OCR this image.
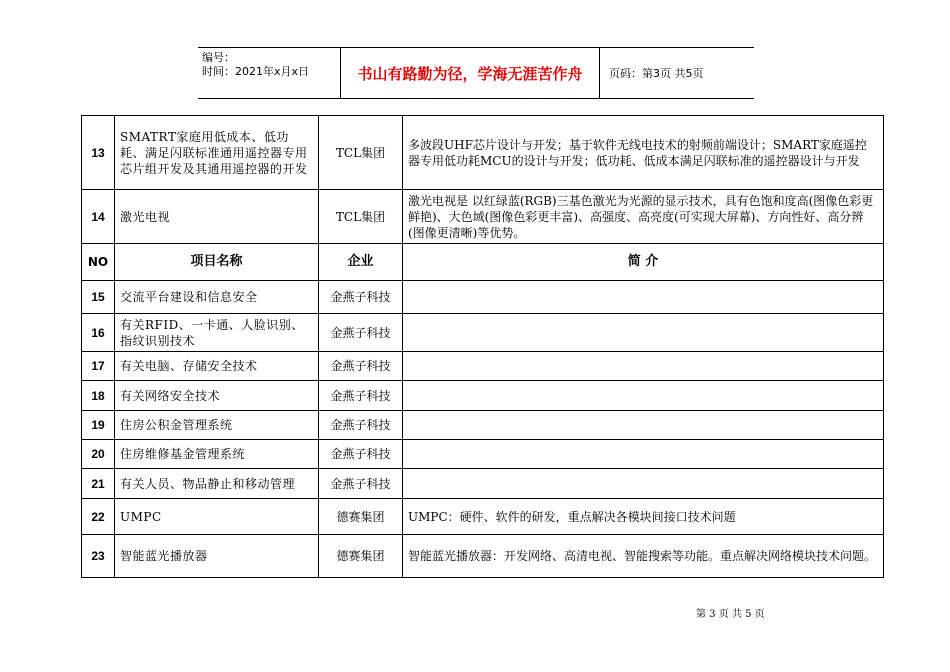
编号：
时间：2021年x月x日	书山有路勤为径，学海无涯苦作舟	页码：第3页 共5页
13	SMATRT家庭用低成本、低功耗、满足闪联标准通用遥控器专用芯片组开发及其通用遥控器的开发	TCL集团	多波段UHF芯片设计与开发；基于软件无线电技术的射频前端设计；SMART家庭遥控器专用低功耗MCU的设计与开发；低功耗、低成本满足闪联标准的遥控器设计与开发
14	激光电视	TCL集团	激光电视是 以红绿蓝(RGB)三基色激光为光源的显示技术，具有色饱和度高(图像色彩更鲜艳)、大色域(图像色彩更丰富)、高强度、高亮度(可实现大屏幕)、方向性好、高分辨(图像更清晰)等优势。
NO	项目名称	企业	简 介
15	交流平台建设和信息安全	金燕子科技	
16	有关RFID、一卡通、人脸识别、指纹识别技术	金燕子科技	
17	有关电脑、存储安全技术	金燕子科技	
18	有关网络安全技术	金燕子科技	
19	住房公积金管理系统	金燕子科技	
20	住房维修基金管理系统	金燕子科技	
21	有关人员、物品静止和移动管理	金燕子科技	
22	UMPC	德赛集团	UMPC：硬件、软件的研发，重点解决各模块间接口技术问题
23	智能蓝光播放器	德赛集团	智能蓝光播放器：开发网络、高清电视、智能搜索等功能。重点解决网络模块技术问题。
第 3 页 共 5 页
